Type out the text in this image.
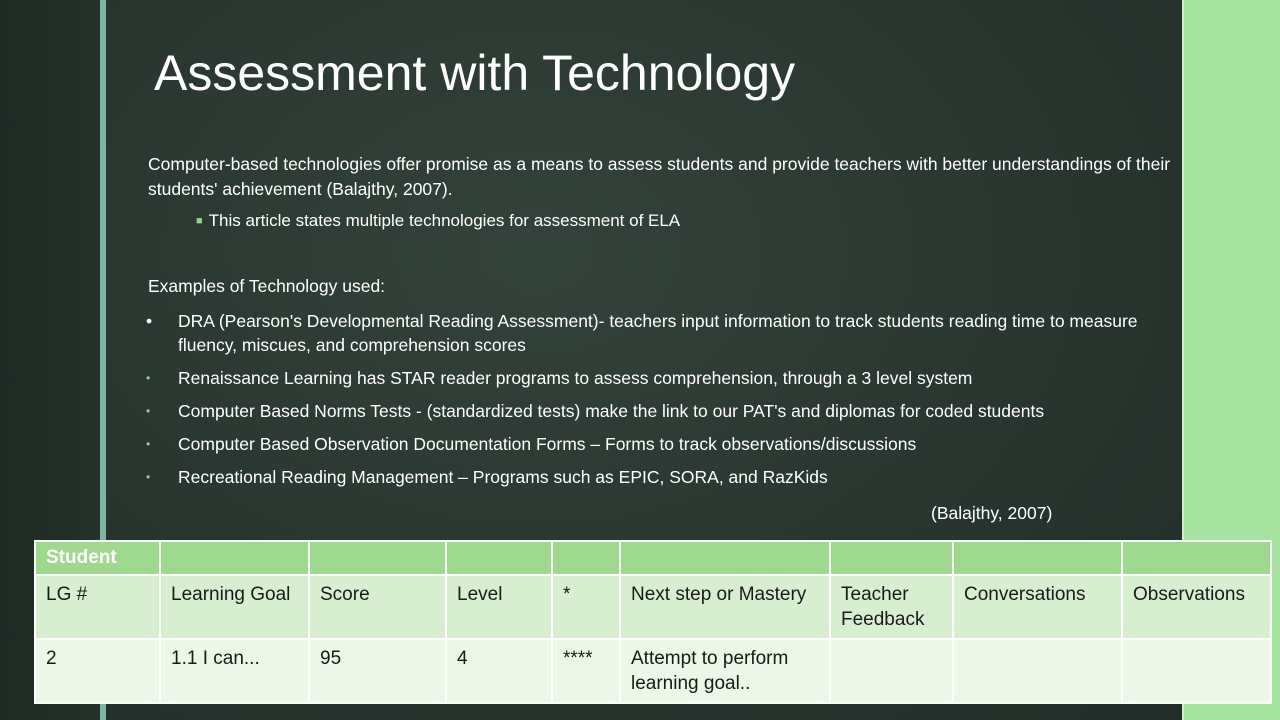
Assessment with Technology
Computer-based technologies offer promise as a means to assess students and provide teachers with better understandings of their students' achievement (Balajthy, 2007).
■ This article states multiple technologies for assessment of ELA
Examples of Technology used:
•	DRA (Pearson's Developmental Reading Assessment)- teachers input information to track students reading time to measure fluency, miscues, and comprehension scores
•	Renaissance Learning has STAR reader programs to assess comprehension, through a 3 level system
•	Computer Based Norms Tests - (standardized tests) make the link to our PAT's and diplomas for coded students
•	Computer Based Observation Documentation Forms – Forms to track observations/discussions
•	Recreational Reading Management – Programs such as EPIC, SORA, and RazKids
(Balajthy, 2007)
Student								
LG #	Learning Goal	Score	Level	*	Next step or Mastery	Teacher Feedback	Conversations	Observations
2	1.1 I can...	95	4	****	Attempt to perform learning goal..			
